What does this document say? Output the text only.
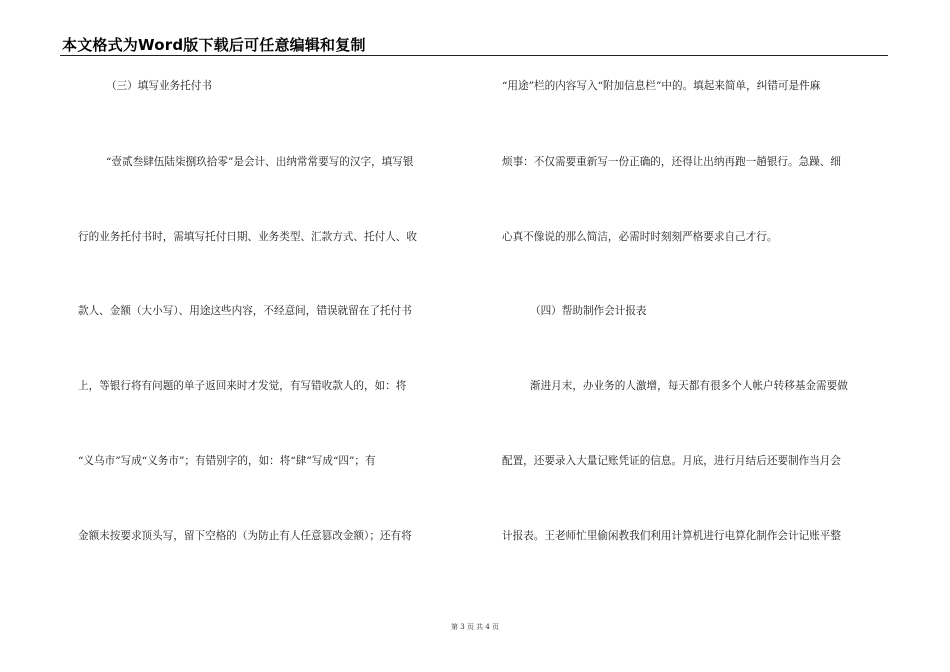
本文格式为Word版下载后可任意编辑和复制
（三）填写业务托付书
“壹贰叁肆伍陆柒捌玖拾零”是会计、出纳常常要写的汉字，填写银
行的业务托付书时，需填写托付日期、业务类型、汇款方式、托付人、收
款人、金额（大小写）、用途这些内容，不经意间，错误就留在了托付书
上，等银行将有问题的单子返回来时才发觉，有写错收款人的，如：将
“义乌市”写成“义务市”；有错别字的，如：将“肆”写成“四”；有
金额未按要求顶头写，留下空格的（为防止有人任意篡改金额）；还有将
“用途”栏的内容写入“附加信息栏”中的。填起来简单，纠错可是件麻
烦事：不仅需要重新写一份正确的，还得让出纳再跑一趟银行。急躁、细
心真不像说的那么简洁，必需时时刻刻严格要求自己才行。
（四）帮助制作会计报表
渐进月末，办业务的人激增，每天都有很多个人帐户转移基金需要做
配置，还要录入大量记账凭证的信息。月底，进行月结后还要制作当月会
计报表。王老师忙里偷闲教我们利用计算机进行电算化制作会计记账平整
第 3 页 共 4 页
